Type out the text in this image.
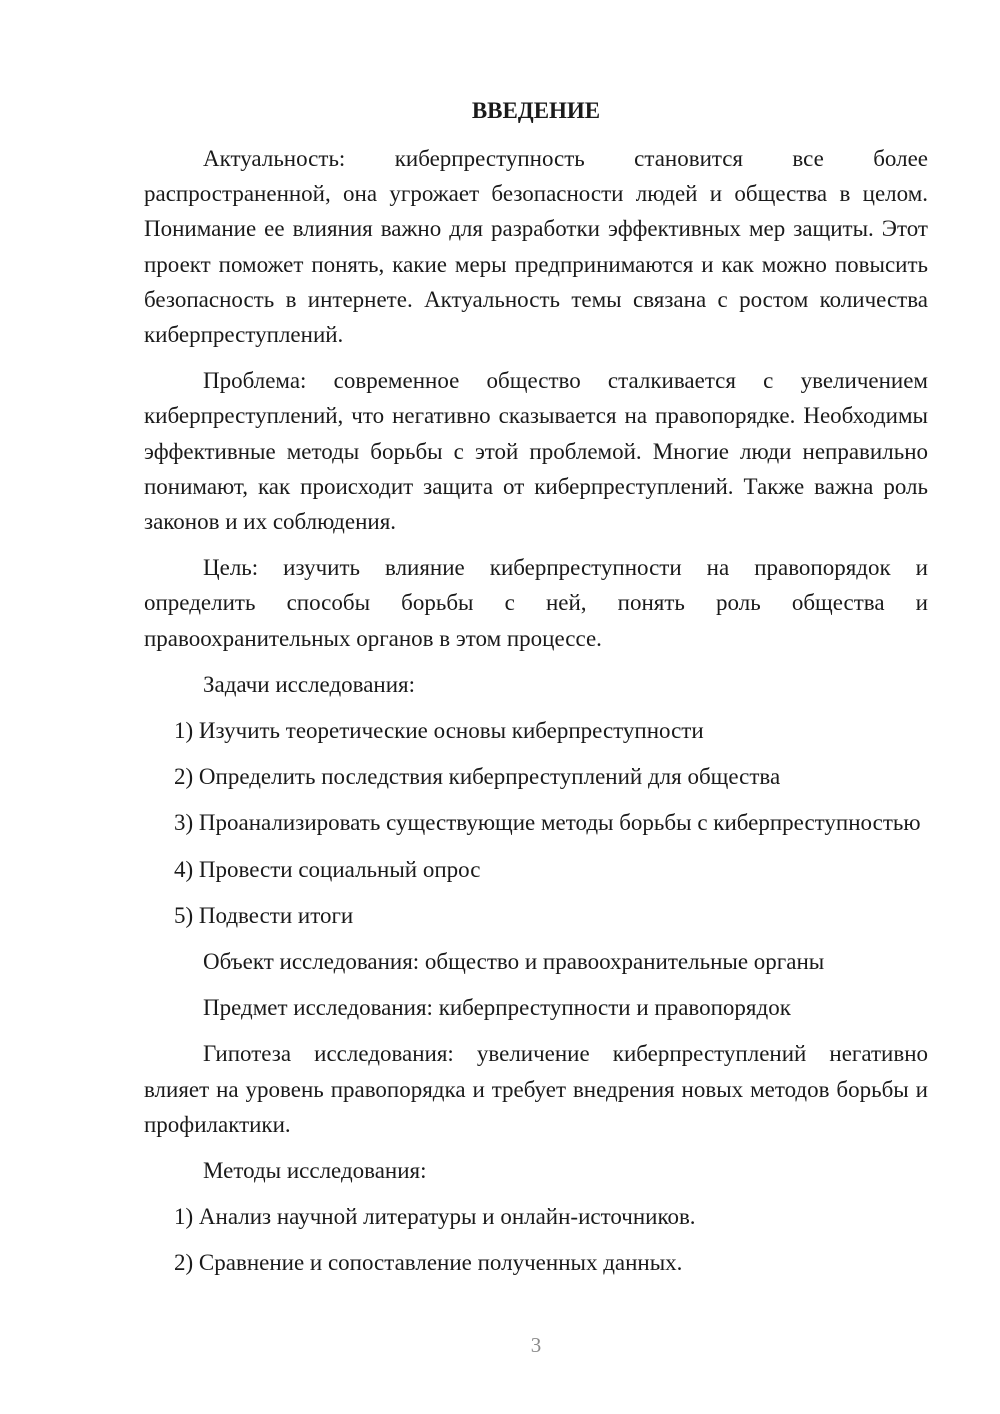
ВВЕДЕНИЕ

Актуальность: киберпреступность становится все более распространенной, она угрожает безопасности людей и общества в целом. Понимание ее влияния важно для разработки эффективных мер защиты. Этот проект поможет понять, какие меры предпринимаются и как можно повысить безопасность в интернете. Актуальность темы связана с ростом количества киберпреступлений.

Проблема: современное общество сталкивается с увеличением киберпреступлений, что негативно сказывается на правопорядке. Необходимы эффективные методы борьбы с этой проблемой. Многие люди неправильно понимают, как происходит защита от киберпреступлений. Также важна роль законов и их соблюдения.

Цель: изучить влияние киберпреступности на правопорядок и определить способы борьбы с ней, понять роль общества и правоохранительных органов в этом процессе.

Задачи исследования:

1) Изучить теоретические основы киберпреступности

2) Определить последствия киберпреступлений для общества

3) Проанализировать существующие методы борьбы с киберпреступностью

4) Провести социальный опрос

5) Подвести итоги

Объект исследования: общество и правоохранительные органы

Предмет исследования: киберпреступности и правопорядок

Гипотеза исследования: увеличение киберпреступлений негативно влияет на уровень правопорядка и требует внедрения новых методов борьбы и профилактики.

Методы исследования:

1) Анализ научной литературы и онлайн-источников.

2) Сравнение и сопоставление полученных данных.

3
